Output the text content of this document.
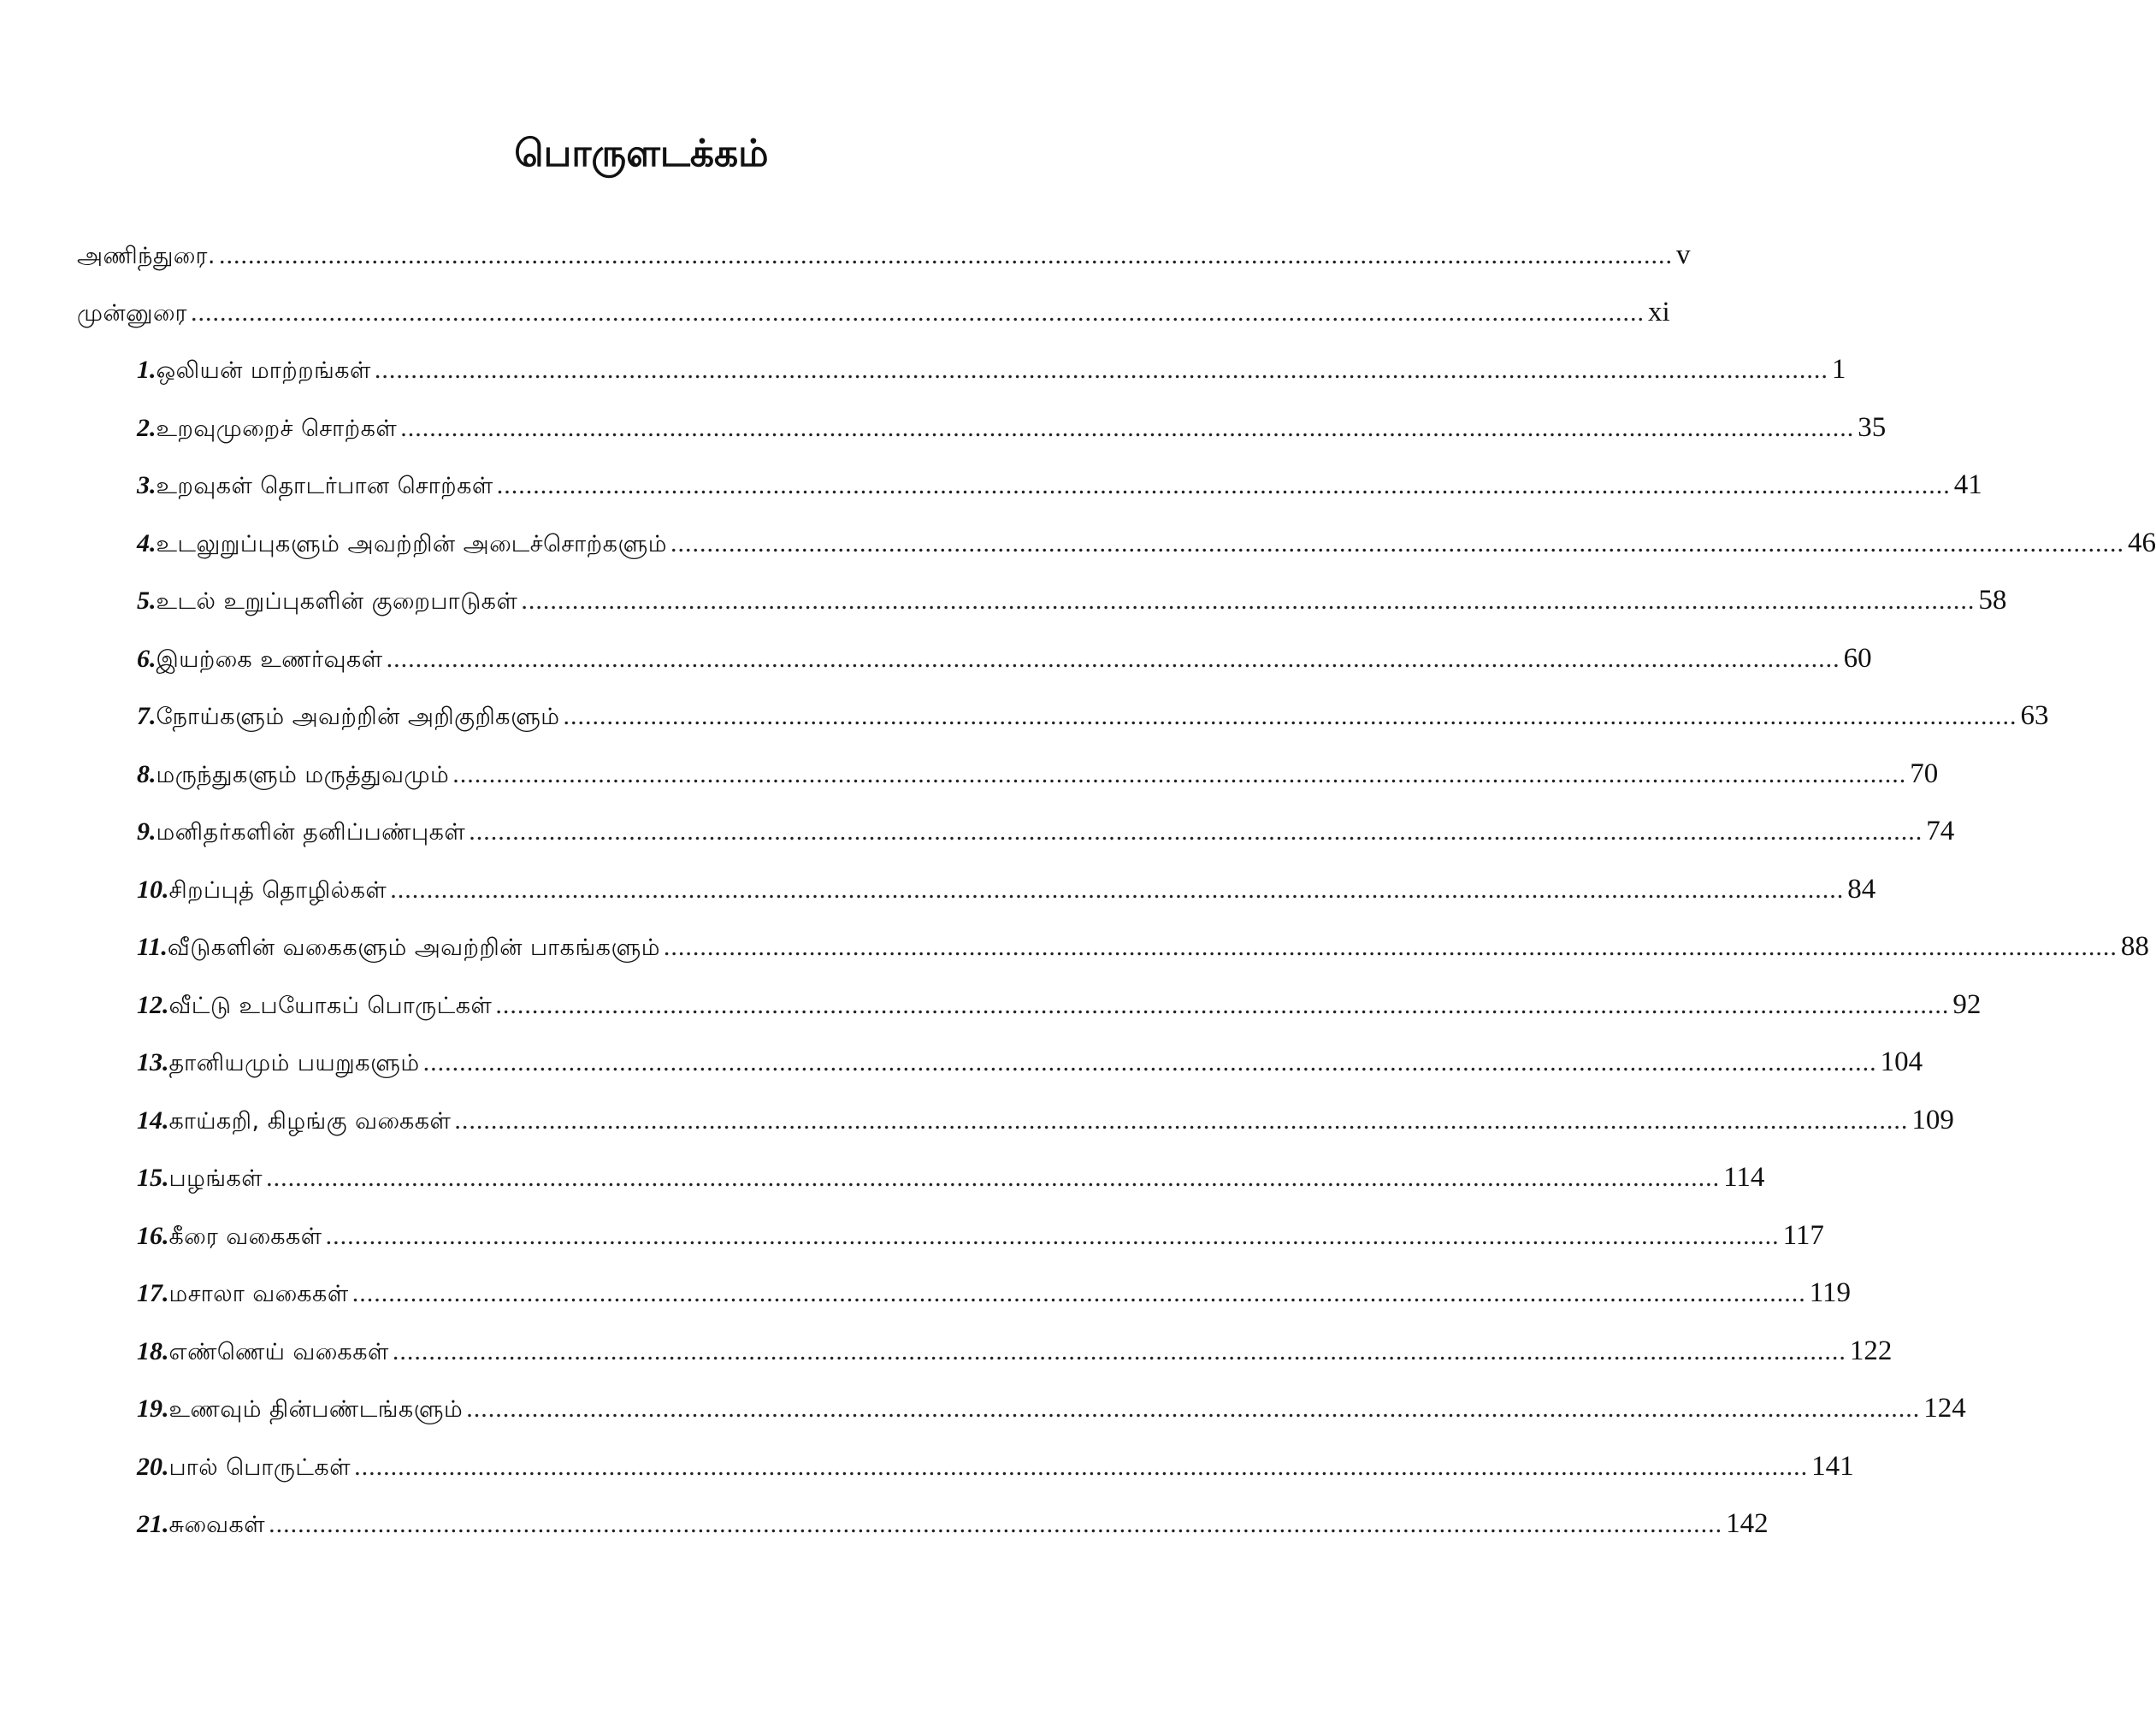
பொருளடக்கம்
அணிந்துரை. ........................................................................................................................................................................................................ v
முன்னுரை ........................................................................................................................................................................................................ xi
1. ஒலியன் மாற்றங்கள் ........................................................................................................................................................................................................ 1
2. உறவுமுறைச் சொற்கள் ........................................................................................................................................................................................................ 35
3. உறவுகள் தொடர்பான சொற்கள் ........................................................................................................................................................................................................ 41
4. உடலுறுப்புகளும் அவற்றின் அடைச்சொற்களும் ........................................................................................................................................................................................................ 46
5. உடல் உறுப்புகளின் குறைபாடுகள் ........................................................................................................................................................................................................ 58
6. இயற்கை உணர்வுகள் ........................................................................................................................................................................................................ 60
7. நோய்களும் அவற்றின் அறிகுறிகளும் ........................................................................................................................................................................................................ 63
8. மருந்துகளும் மருத்துவமும் ........................................................................................................................................................................................................ 70
9. மனிதர்களின் தனிப்பண்புகள் ........................................................................................................................................................................................................ 74
10. சிறப்புத் தொழில்கள் ........................................................................................................................................................................................................ 84
11. வீடுகளின் வகைகளும் அவற்றின் பாகங்களும் ........................................................................................................................................................................................................ 88
12. வீட்டு உபயோகப் பொருட்கள் ........................................................................................................................................................................................................ 92
13. தானியமும் பயறுகளும் ........................................................................................................................................................................................................ 104
14. காய்கறி, கிழங்கு வகைகள் ........................................................................................................................................................................................................ 109
15. பழங்கள் ........................................................................................................................................................................................................ 114
16. கீரை வகைகள் ........................................................................................................................................................................................................ 117
17. மசாலா வகைகள் ........................................................................................................................................................................................................ 119
18. எண்ணெய் வகைகள் ........................................................................................................................................................................................................ 122
19. உணவும் தின்பண்டங்களும் ........................................................................................................................................................................................................ 124
20. பால் பொருட்கள் ........................................................................................................................................................................................................ 141
21. சுவைகள் ........................................................................................................................................................................................................ 142
